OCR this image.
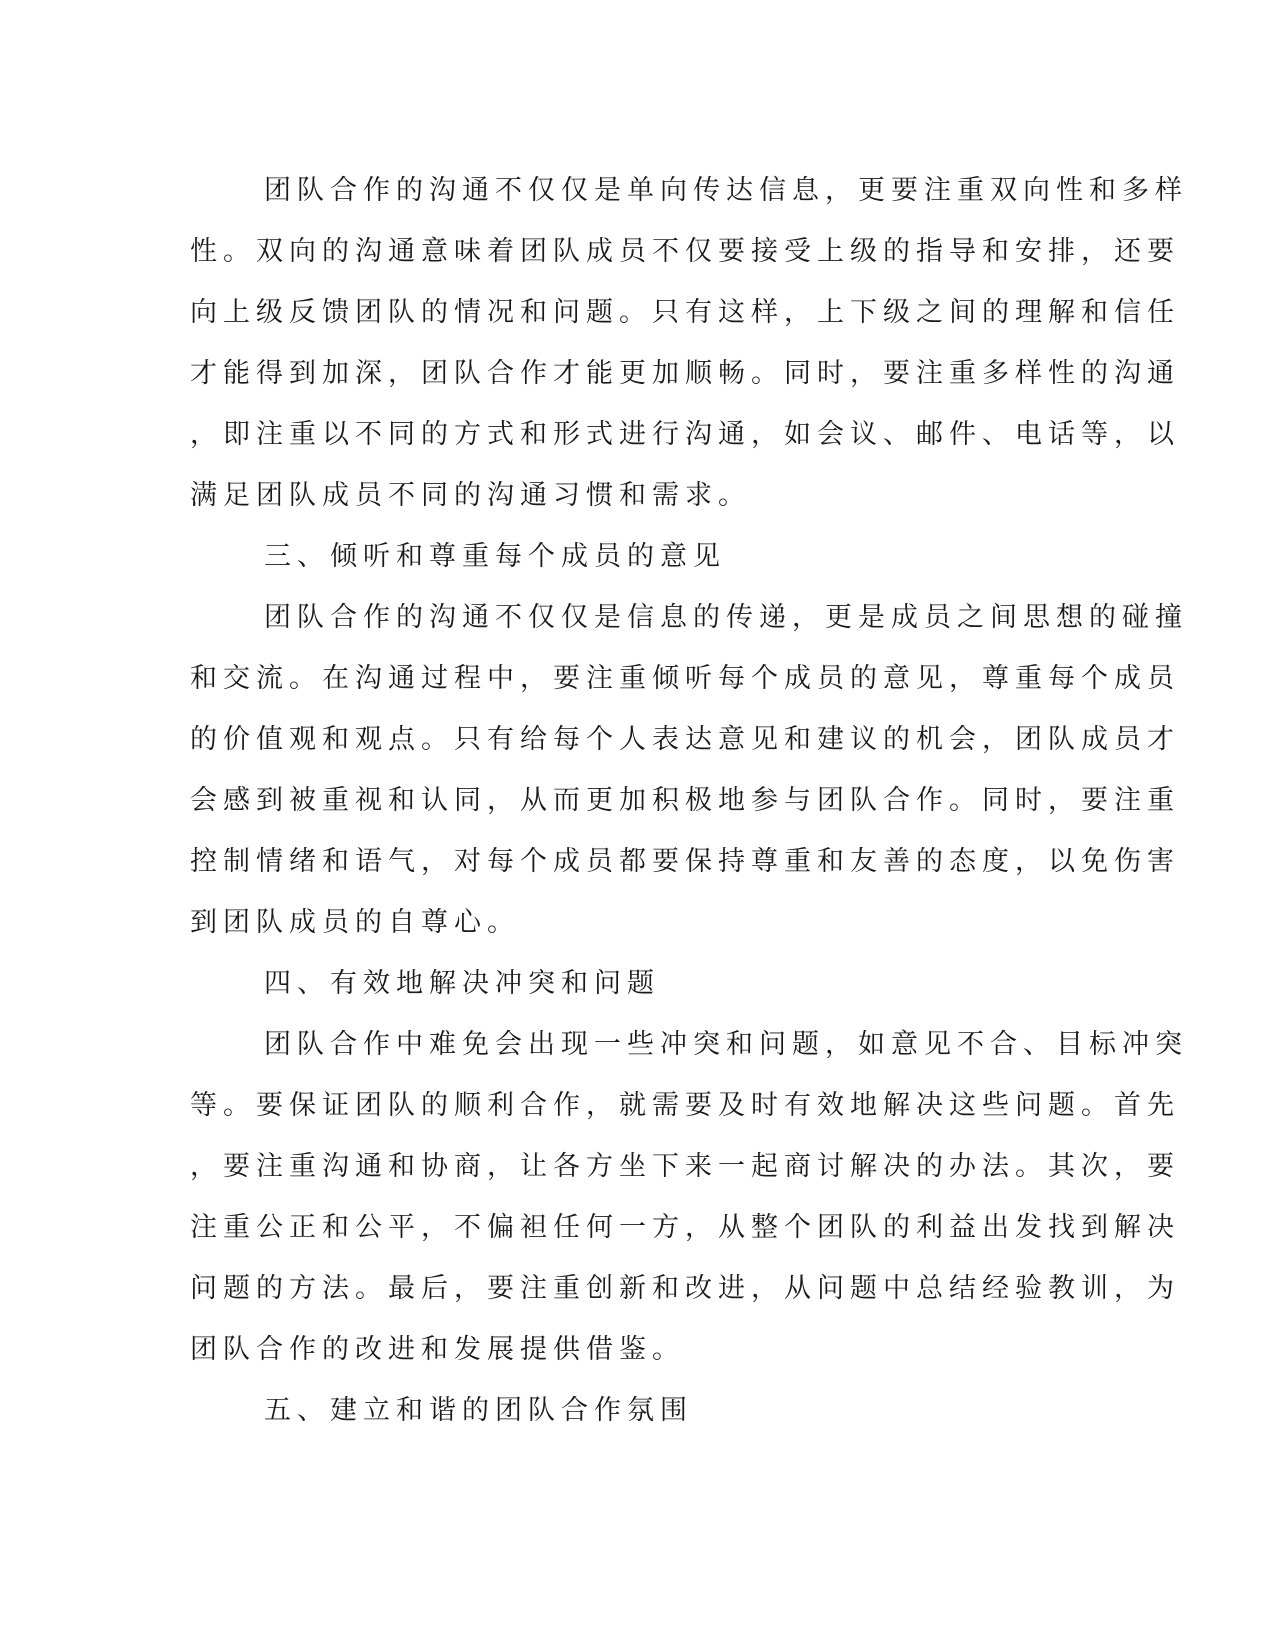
团队合作的沟通不仅仅是单向传达信息，更要注重双向性和多样
性。双向的沟通意味着团队成员不仅要接受上级的指导和安排，还要
向上级反馈团队的情况和问题。只有这样，上下级之间的理解和信任
才能得到加深，团队合作才能更加顺畅。同时，要注重多样性的沟通
，即注重以不同的方式和形式进行沟通，如会议、邮件、电话等，以
满足团队成员不同的沟通习惯和需求。
三、倾听和尊重每个成员的意见
团队合作的沟通不仅仅是信息的传递，更是成员之间思想的碰撞
和交流。在沟通过程中，要注重倾听每个成员的意见，尊重每个成员
的价值观和观点。只有给每个人表达意见和建议的机会，团队成员才
会感到被重视和认同，从而更加积极地参与团队合作。同时，要注重
控制情绪和语气，对每个成员都要保持尊重和友善的态度，以免伤害
到团队成员的自尊心。
四、有效地解决冲突和问题
团队合作中难免会出现一些冲突和问题，如意见不合、目标冲突
等。要保证团队的顺利合作，就需要及时有效地解决这些问题。首先
，要注重沟通和协商，让各方坐下来一起商讨解决的办法。其次，要
注重公正和公平，不偏袒任何一方，从整个团队的利益出发找到解决
问题的方法。最后，要注重创新和改进，从问题中总结经验教训，为
团队合作的改进和发展提供借鉴。
五、建立和谐的团队合作氛围
